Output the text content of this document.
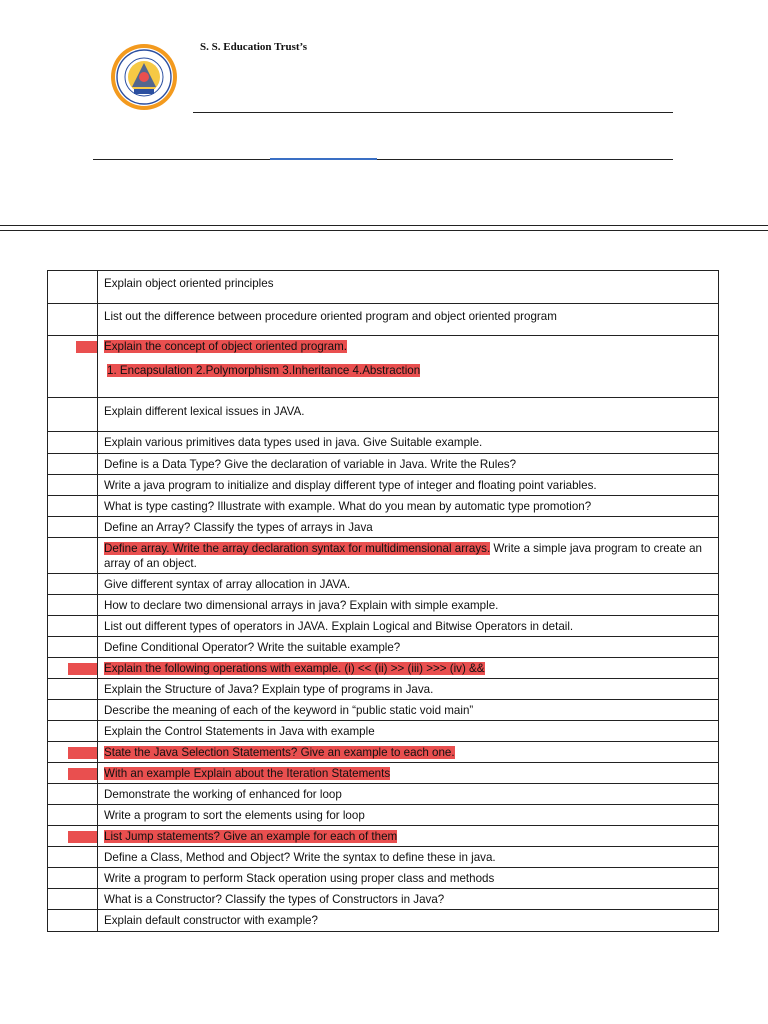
S. S. Education Trust’s
	Explain object oriented principles
	List out the difference between procedure oriented program and object oriented program

	Explain the concept of object oriented program.
1. Encapsulation 2.Polymorphism 3.Inheritance 4.Abstraction

	Explain different lexical issues in JAVA.
	Explain various primitives data types used in java. Give Suitable example.
	Define is a Data Type? Give the declaration of variable in Java. Write the Rules?
	Write a java program to initialize and display different type of integer and floating point variables.
	What is type casting? Illustrate with example. What do you mean by automatic type promotion?
	Define an Array? Classify the types of arrays in Java
	Define array. Write the array declaration syntax for multidimensional arrays. Write a simple java program to create an array of an object.
	Give different syntax of array allocation in JAVA.
	How to declare two dimensional arrays in java? Explain with simple example.
	List out different types of operators in JAVA. Explain Logical and Bitwise Operators in detail.
	Define Conditional Operator? Write the suitable example?

	Explain the following operations with example. (i) << (ii) >> (iii) >>> (iv) &&
	Explain the Structure of Java? Explain type of programs in Java.
	Describe the meaning of each of the keyword in “public static void main”
	Explain the Control Statements in Java with example

	State the Java Selection Statements? Give an example to each one.

	With an example Explain about the Iteration Statements
	Demonstrate the working of enhanced for loop
	Write a program to sort the elements using for loop

	List Jump statements? Give an example for each of them
	Define a Class, Method and Object? Write the syntax to define these in java.
	Write a program to perform Stack operation using proper class and methods
	What is a Constructor? Classify the types of Constructors in Java?
	Explain default constructor with example?
